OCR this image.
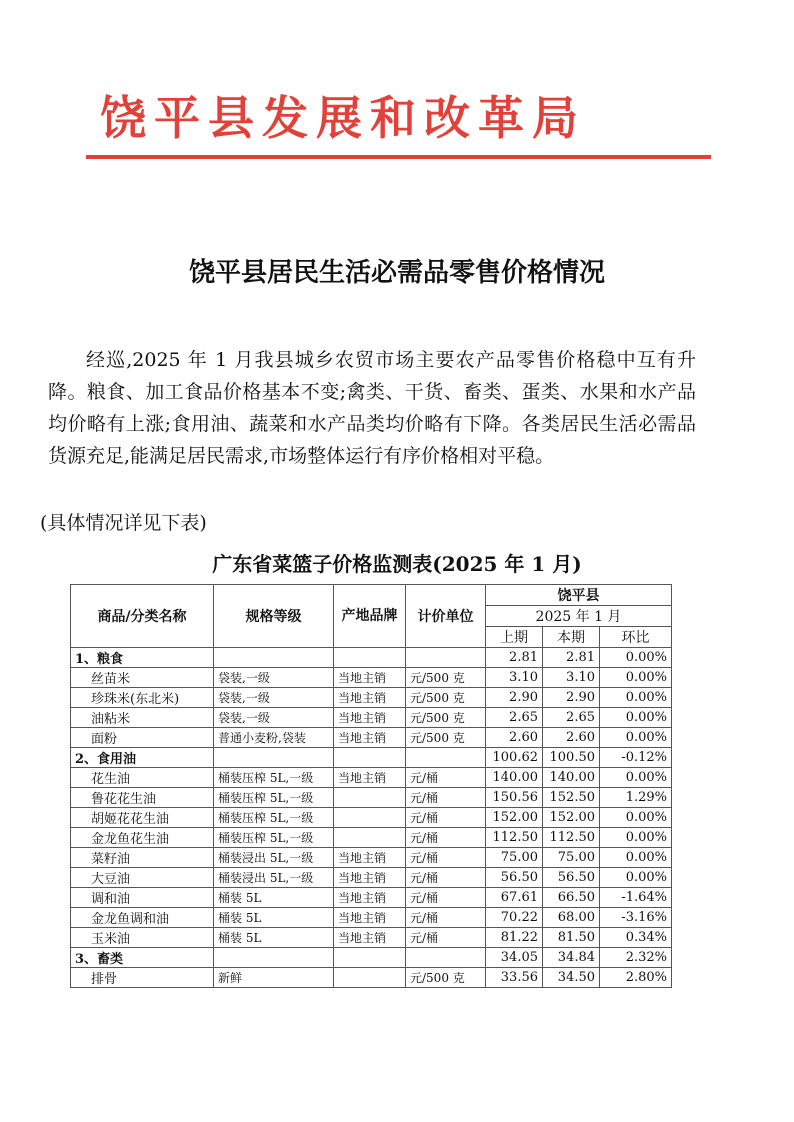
饶平县发展和改革局
饶平县居民生活必需品零售价格情况
经巡,2025 年 1 月我县城乡农贸市场主要农产品零售价格稳中互有升降。粮食、加工食品价格基本不变;禽类、干货、畜类、蛋类、水果和水产品均价略有上涨;食用油、蔬菜和水产品类均价略有下降。各类居民生活必需品货源充足,能满足居民需求,市场整体运行有序价格相对平稳。
(具体情况详见下表)
广东省菜篮子价格监测表(2025 年 1 月)
商品/分类名称	规格等级	产地品牌	计价单位	饶平县		
				2025 年 1 月		
				上期	本期	环比
1、粮食				2.81	2.81	0.00%
丝苗米	袋装,一级	当地主销	元/500 克	3.10	3.10	0.00%
珍珠米(东北米)	袋装,一级	当地主销	元/500 克	2.90	2.90	0.00%
油粘米	袋装,一级	当地主销	元/500 克	2.65	2.65	0.00%
面粉	普通小麦粉,袋装	当地主销	元/500 克	2.60	2.60	0.00%
2、食用油				100.62	100.50	-0.12%
花生油	桶装压榨 5L,一级	当地主销	元/桶	140.00	140.00	0.00%
鲁花花生油	桶装压榨 5L,一级		元/桶	150.56	152.50	1.29%
胡姬花花生油	桶装压榨 5L,一级		元/桶	152.00	152.00	0.00%
金龙鱼花生油	桶装压榨 5L,一级		元/桶	112.50	112.50	0.00%
菜籽油	桶装浸出 5L,一级	当地主销	元/桶	75.00	75.00	0.00%
大豆油	桶装浸出 5L,一级	当地主销	元/桶	56.50	56.50	0.00%
调和油	桶装 5L	当地主销	元/桶	67.61	66.50	-1.64%
金龙鱼调和油	桶装 5L	当地主销	元/桶	70.22	68.00	-3.16%
玉米油	桶装 5L	当地主销	元/桶	81.22	81.50	0.34%
3、畜类				34.05	34.84	2.32%
排骨	新鲜		元/500 克	33.56	34.50	2.80%
